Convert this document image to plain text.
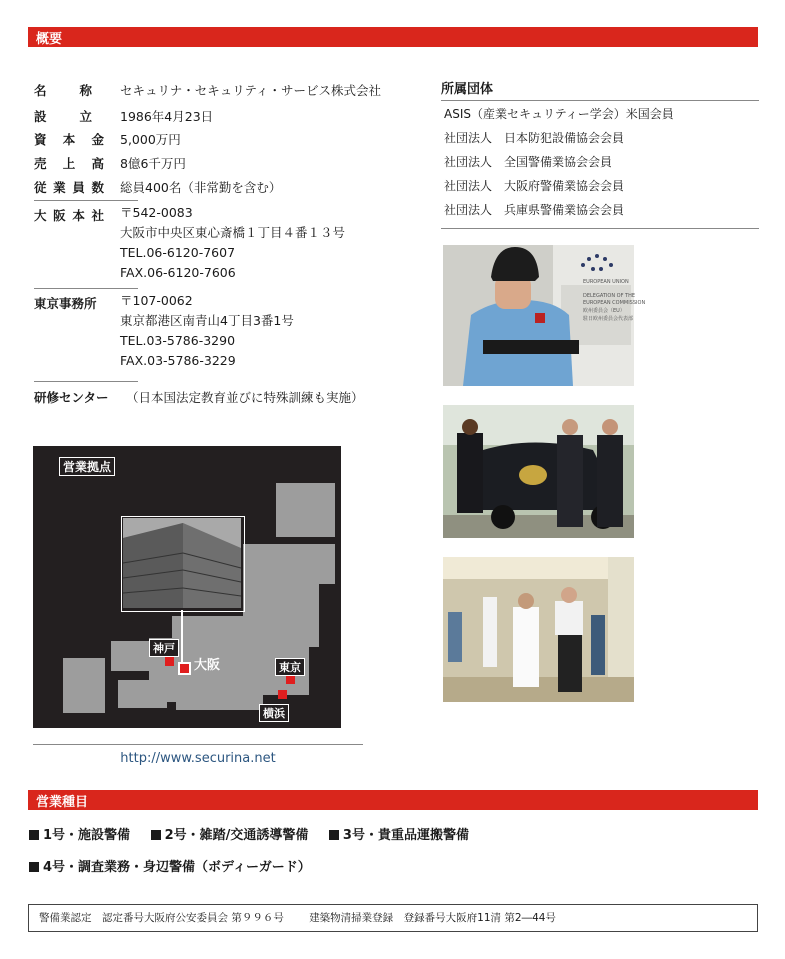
概要
名	称 セキュリナ・セキュリティ・サービス株式会社
設	立 1986年4月23日
資 本 金 5,000万円
売 上 高 8億6千万円
従 業 員 数 総員400名（非常勤を含む）
大 阪 本 社 〒542-0083
大阪市中央区東心斎橋１丁目４番１３号
TEL.06-6120-7607
FAX.06-6120-7606
東京事務所	〒107-0062
東京都港区南青山4丁目3番1号
TEL.03-5786-3290
FAX.03-5786-3229
研修センター	（日本国法定教育並びに特殊訓練も実施）
所属団体
ASIS（産業セキュリティー学会）米国会員
社団法人　日本防犯設備協会会員
社団法人　全国警備業協会会員
社団法人　大阪府警備業協会会員
社団法人　兵庫県警備業協会会員
EUROPEAN UNION
DELEGATION OF THE
EUROPEAN COMMISSION
欧州委員会（EU）
駐日欧州委員会代表部
営業拠点
神戸
大阪	東京
横浜
http://www.securina.net
営業種目
1号・施設警備	2号・雑踏/交通誘導警備	3号・貴重品運搬警備
4号・調査業務・身辺警備（ボディーガード）
警備業認定　認定番号大阪府公安委員会 第９９６号 建築物清掃業登録　登録番号大阪府11清 第2―44号
